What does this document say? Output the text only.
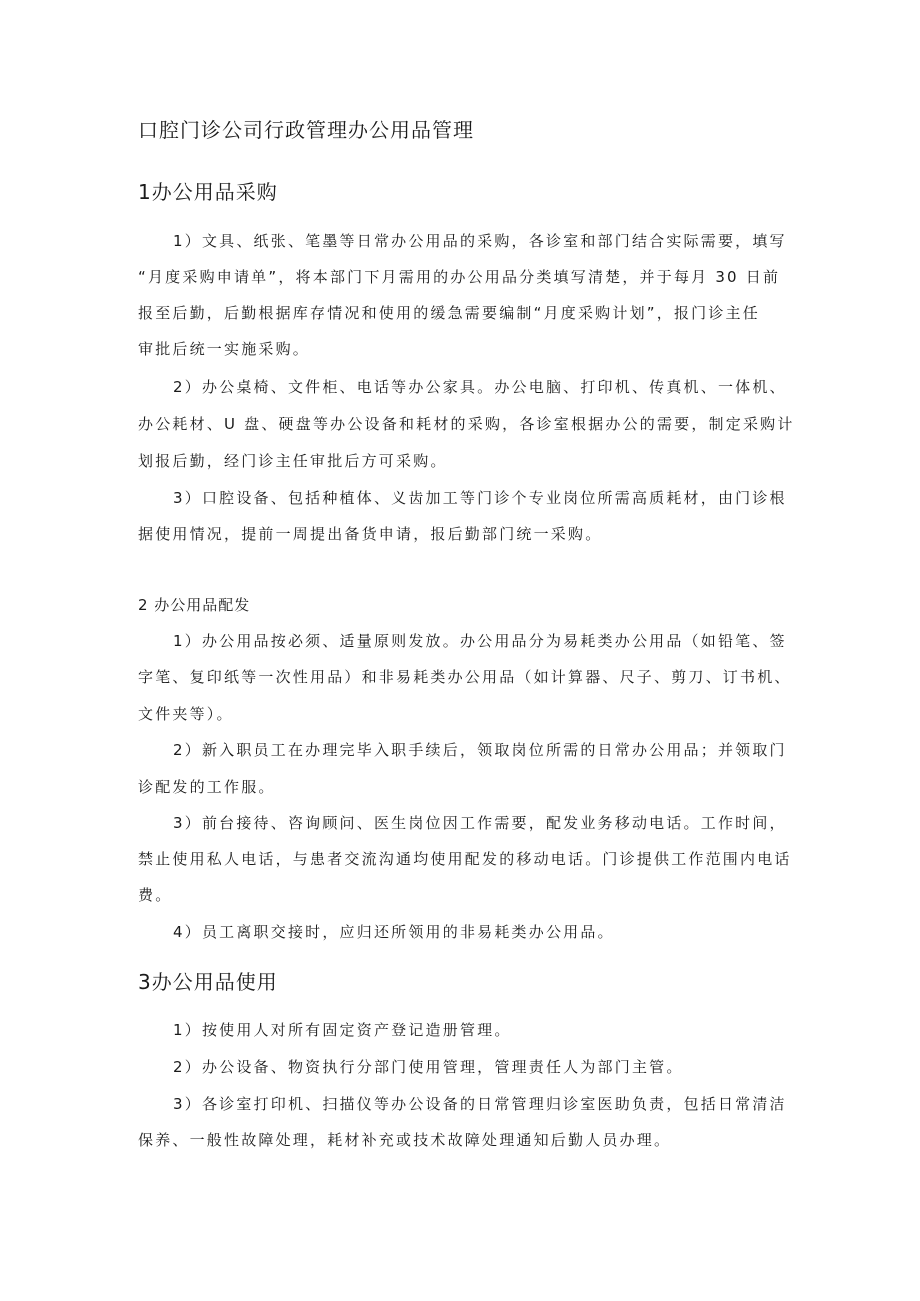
口腔门诊公司行政管理办公用品管理
1办公用品采购
1）文具、纸张、笔墨等日常办公用品的采购，各诊室和部门结合实际需要，填写
“月度采购申请单”，将本部门下月需用的办公用品分类填写清楚，并于每月 30 日前
报至后勤，后勤根据库存情况和使用的缓急需要编制“月度采购计划”，报门诊主任
审批后统一实施采购。
2）办公桌椅、文件柜、电话等办公家具。办公电脑、打印机、传真机、一体机、
办公耗材、U 盘、硬盘等办公设备和耗材的采购，各诊室根据办公的需要，制定采购计
划报后勤，经门诊主任审批后方可采购。
3）口腔设备、包括种植体、义齿加工等门诊个专业岗位所需高质耗材，由门诊根
据使用情况，提前一周提出备货申请，报后勤部门统一采购。
2 办公用品配发
1）办公用品按必须、适量原则发放。办公用品分为易耗类办公用品（如铅笔、签
字笔、复印纸等一次性用品）和非易耗类办公用品（如计算器、尺子、剪刀、订书机、
文件夹等）。
2）新入职员工在办理完毕入职手续后，领取岗位所需的日常办公用品；并领取门
诊配发的工作服。
3）前台接待、咨询顾问、医生岗位因工作需要，配发业务移动电话。工作时间，
禁止使用私人电话，与患者交流沟通均使用配发的移动电话。门诊提供工作范围内电话
费。
4）员工离职交接时，应归还所领用的非易耗类办公用品。
3办公用品使用
1）按使用人对所有固定资产登记造册管理。
2）办公设备、物资执行分部门使用管理，管理责任人为部门主管。
3）各诊室打印机、扫描仪等办公设备的日常管理归诊室医助负责，包括日常清洁
保养、一般性故障处理，耗材补充或技术故障处理通知后勤人员办理。
